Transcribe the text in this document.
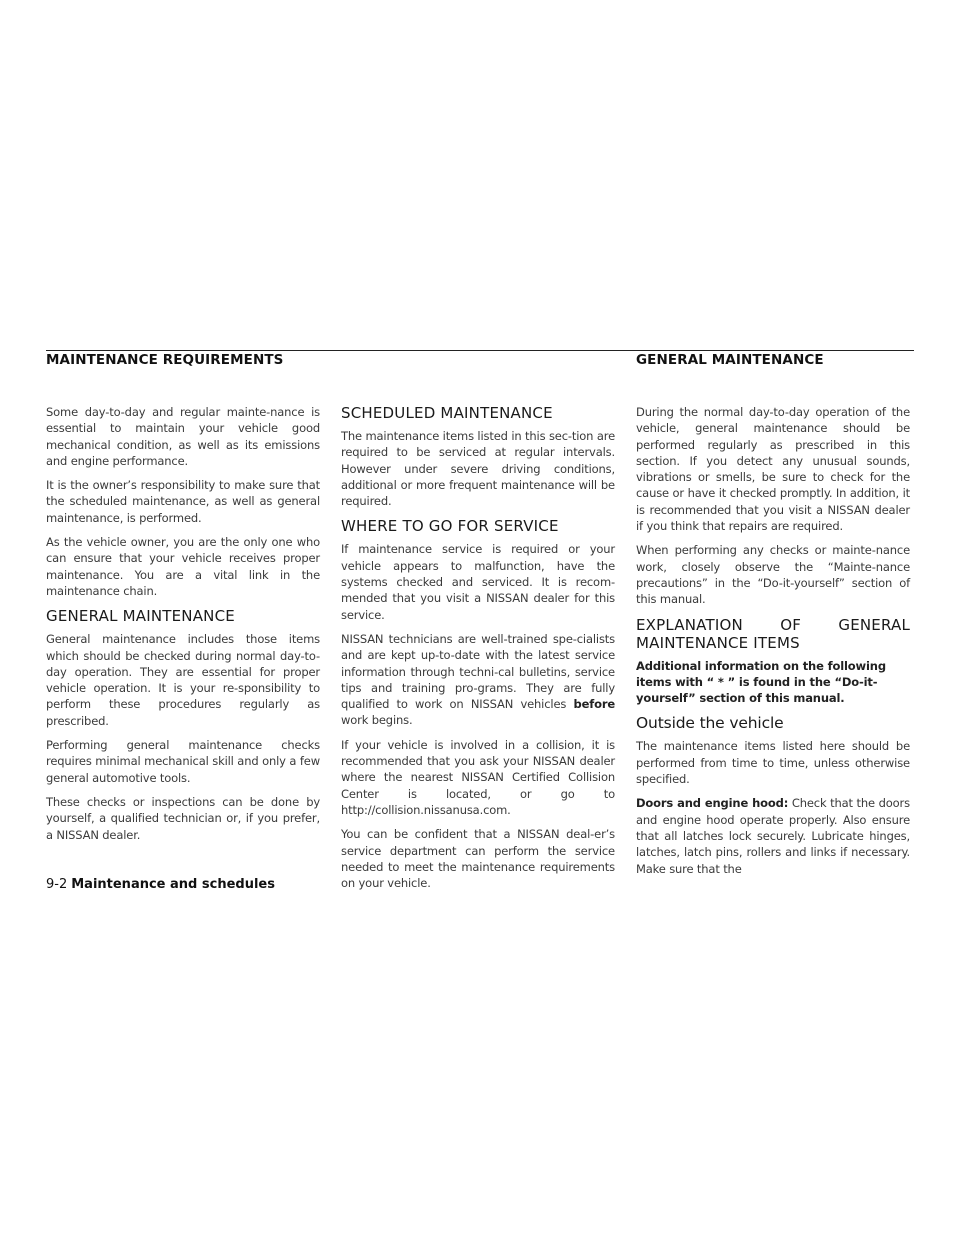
MAINTENANCE REQUIREMENTS	GENERAL MAINTENANCE

Some day-to-day and regular mainte-nance is essential to maintain your vehicle good mechanical condition, as well as its emissions and engine performance.

It is the owner’s responsibility to make sure that the scheduled maintenance, as well as general maintenance, is performed.

As the vehicle owner, you are the only one who can ensure that your vehicle receives proper maintenance. You are a vital link in the maintenance chain.

GENERAL MAINTENANCE

General maintenance includes those items which should be checked during normal day-to-day operation. They are essential for proper vehicle operation. It is your re-sponsibility to perform these procedures regularly as prescribed.

Performing general maintenance checks requires minimal mechanical skill and only a few general automotive tools.

These checks or inspections can be done by yourself, a qualified technician or, if you prefer, a NISSAN dealer.

SCHEDULED MAINTENANCE

The maintenance items listed in this sec-tion are required to be serviced at regular intervals. However under severe driving conditions, additional or more frequent maintenance will be required.

WHERE TO GO FOR SERVICE

If maintenance service is required or your vehicle appears to malfunction, have the systems checked and serviced. It is recom-mended that you visit a NISSAN dealer for this service.

NISSAN technicians are well-trained spe-cialists and are kept up-to-date with the latest service information through techni-cal bulletins, service tips and training pro-grams. They are fully qualified to work on NISSAN vehicles before work begins.

If your vehicle is involved in a collision, it is recommended that you ask your NISSAN dealer where the nearest NISSAN Certified Collision Center is located, or go to http://collision.nissanusa.com.

You can be confident that a NISSAN deal-er’s service department can perform the service needed to meet the maintenance requirements on your vehicle.

During the normal day-to-day operation of the vehicle, general maintenance should be performed regularly as prescribed in this section. If you detect any unusual sounds, vibrations or smells, be sure to check for the cause or have it checked promptly. In addition, it is recommended that you visit a NISSAN dealer if you think that repairs are required.

When performing any checks or mainte-nance work, closely observe the “Mainte-nance precautions” in the “Do-it-yourself” section of this manual.

EXPLANATION OF GENERAL MAINTENANCE ITEMS

Additional information on the following items with “ * ” is found in the “Do-it-yourself” section of this manual.

Outside the vehicle

The maintenance items listed here should be performed from time to time, unless otherwise specified.

Doors and engine hood: Check that the doors and engine hood operate properly. Also ensure that all latches lock securely. Lubricate hinges, latches, latch pins, rollers and links if necessary. Make sure that the

9-2 Maintenance and schedules
